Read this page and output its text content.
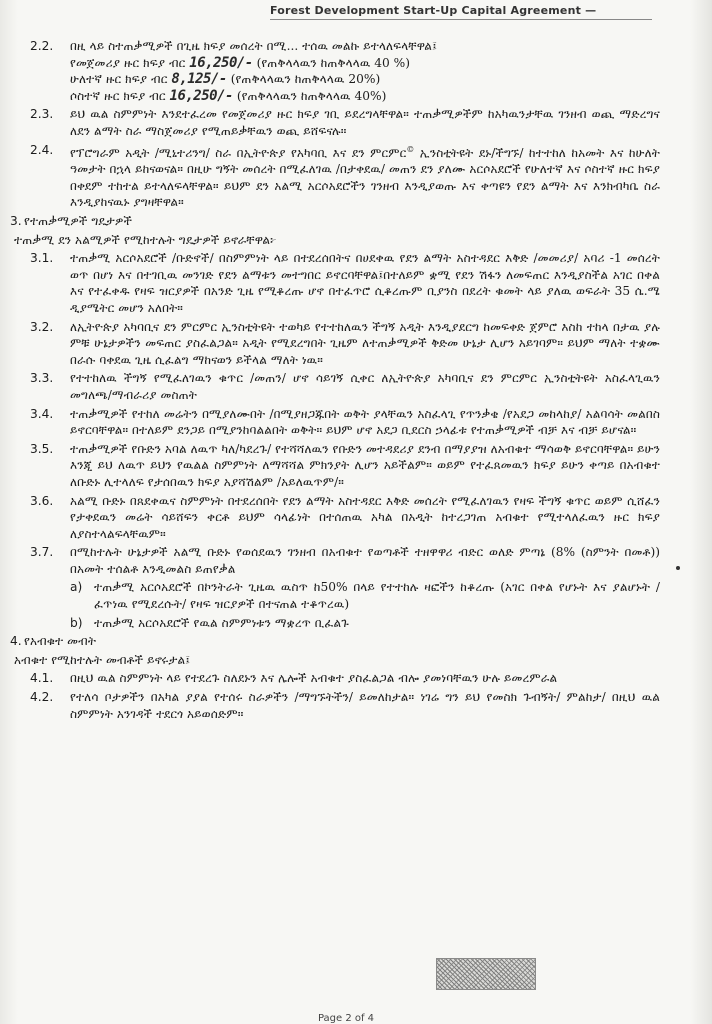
Forest Development Start-Up Capital Agreement —
2.2.	በዚ ላይ ስተጠቃሚዎች በጊዜ ክፍያ መሰረት በሚ... ተሰዉ መልኩ ይተላለፍላቸዋል፤
የመጀመሪያ ዙር ክፍያ ብር 16,250/- (የጠቅላላዉን ከጠቅላላዉ 40 %)
ሁለተኛ ዙር ክፍያ ብር 8,125/- (የጠቅላላዉን ከጠቅላላዉ 20%)
ሶስተኛ ዙር ክፍያ ብር 16,250/- (የጠቅላላዉን ከጠቅላላዉ 40%)
2.3.	ይህ ዉል ስምምነት እንደተፈረመ የመጀመሪያ ዙር ክፍያ ገቢ ይደረግላቸዋል። ተጠቃሚዎችም ከአካዉንታቸዉ ገንዘብ ወጪ ማድረግና ለደን ልማት ስራ ማስጀመሪያ የሚጠይቃቸዉን ወጪ ይሸፍናሉ።
2.4.	የፕሮግራም አዲት /ሚኒተሪንግ/ ስራ በኢትዮጵያ የአካባቢ እና ደን ምርምር© ኢንስቲትዩት ደኑ/ችግኙ/ ከተተከለ ከአመት እና ከሁለት ዓመታት በኋላ ይከናወናል። በዚሁ ግኝት መሰረት በሚፈለገዉ /በታቀደዉ/ መጠን ደን ያለሙ አርሶአደሮች የሁለተኛ እና ሶስተኛ ዙር ክፍያ በቀደም ተከተል ይተላለፍላቸዋል። ይህም ደን አልሚ አርሶአደሮችን ገንዘብ እንዲያወጡ እና ቀጣዩን የደን ልማት እና እንክብካቤ ስራ እንዲያከናዉኑ ያግዛቸዋል።
3. የተጠቃሚዎች ግዴታዎች
ተጠቃሚ ደን አልሚዎች የሚከተሉት ግዴታዎች ይኖራቸዋል፦
3.1.	ተጠቃሚ አርሶአደሮች /ቡድኖች/ በስምምነት ላይ በተደረሰበትና በሀደቀዉ የደን ልማት አስተዳደር እቅድ /መመሪያ/ አባሪ -1 መሰረት ወጥ በሆነ እና በተገቢዉ መንገድ የደን ልማቱን መተግበር ይኖርባቸዋል፤በተለይም ቋሚ የደን ሽፋን ለመፍጠር እንዲያስችል አገር በቀል እና የተፈቀዱ የዛፍ ዝርያዎች በአንድ ጊዜ የሚቆረጡ ሆኖ በተፈጥሮ ሲቆረጡም ቢያንስ በደረት ቁመት ላይ ያለዉ ወፍራት 35 ሴ.ሜ ዲያሜትር መሆን አለበት።
3.2.	ለኢትዮጵያ አካባቢና ደን ምርምር ኢንስቲትዩት ተወካይ የተተከለዉን ችግኝ አዲት እንዲያደርግ ከመፍቀድ ጀምሮ እስከ ተከላ በታዉ ያሉ ምቹ ሁኔታዎችን መፍጠር ያስፈልጋል። አዲት የሚደረግበት ጊዜም ለተጠቃሚዎች ቅድመ ሁኔታ ሊሆን አይገባም። ይህም ማለት ተቋሙ በራሱ ባቀደዉ ጊዜ ሲፈልግ ማከናወን ይችላል ማለት ነዉ።
3.3.	የተተከለዉ ችግኝ የሚፈለገዉን ቁጥር /መጠን/ ሆኖ ሳይገኝ ሲቀር ለኢትዮጵያ አካባቢና ደን ምርምር ኢንስቲትዩት አስፈላጊዉን መግለጫ/ማብራሪያ መስጠት
3.4.	ተጠቃሚዎች የተከለ መሬትን በሚያለሙበት /በሚያዘጋጁበት ወቅት ያላቸዉን አስፈላጊ የጥንቃቄ /የአደጋ መከላከያ/ አልባሳት መልበስ ይኖርባቸዋል። በተለይም ደንጋይ በሚያንከባልልበት ወቅት። ይህም ሆኖ አደጋ ቢደርስ ኃላፊቱ የተጠቃሚዎች ብቻ እና ብቻ ይሆናል።
3.5.	ተጠቃሚዎች የቡድን አባል ለዉጥ ካለ/ካደረጉ/ የተሻሻለዉን የቡድን መተዳደሪያ ደንብ በማያያዝ ለአብቁተ ማሳወቅ ይኖርባቸዋል። ይሁን እንጂ ይህ ለዉጥ ይህን የዉልል ስምምነት ለማሻሻል ምክንያት ሊሆን አይችልም። ወይም የተፈጸመዉን ክፍያ ይሁን ቀጣይ በአብቁተ ለቡድኑ ሊተላለፍ የታሰበዉን ክፍያ አያሻሽልም /አይለዉጥም/።
3.6.	አልሚ ቡድኑ በጸደቀዉና ስምምነት በተደረሰበት የደን ልማት አስተዳደር እቅድ መሰረት የሚፈለገዉን የዛፍ ችግኝ ቁጥር ወይም ሲሸፈን የታቀደዉን መሬት ሳይሸፍን ቀርቶ ይህም ሳላፊነት በተሰጠዉ አካል በአዲት ከተረጋገጠ አብቁተ የሚተላለፈዉን ዙር ክፍያ ለያስተላልፍላቸዉም።
3.7.	በሚከተሉት ሁኔታዎች አልሚ ቡድኑ የወሰደዉን ገንዘብ በአብቁተ የወጣቶች ተዘዋዋሪ ብድር ወለድ ምጣኔ (8% (ስምንት በመቶ)) በአመት ተሰልቶ እንዲመልስ ይጠየቃል
a) ተጠቃሚ አርሶአደሮች በኮንትራት ጊዜዉ ዉስጥ ከ50% በላይ የተተከሉ ዛፎችን ከቆረጡ (አገር በቀል የሆኑት እና ያልሆኑት /ፈጥነዉ የሚደረሱት/ የዛፍ ዝርያዎች በተናጠል ተቆጥረዉ)
b) ተጠቃሚ አርሶአደሮች የዉል ስምምነቱን ማቋረጥ ቢፈልጉ
4. የአብቁተ መብት
አብቁተ የሚከተሉት መብቶች ይኖሩታል፤
4.1.	በዚህ ዉል ስምምነት ላይ የተደረጉ ስለደኑን እና ሌሎች አብቁተ ያስፈልጋል ብሎ ያመነባቸዉን ሁሉ ይመረምራል
4.2.	የተለሳ ቦታዎችን በአካል ያያል የተሰሩ ስራዎችን /ማግኙትችን/ ይመለከታል። ነገሬ ግን ይህ የመስክ ጉብኝት/ ምልከታ/ በዚህ ዉል ስምምነት አንገዳች ተደርጎ አይወሰድም።
Page 2 of 4
